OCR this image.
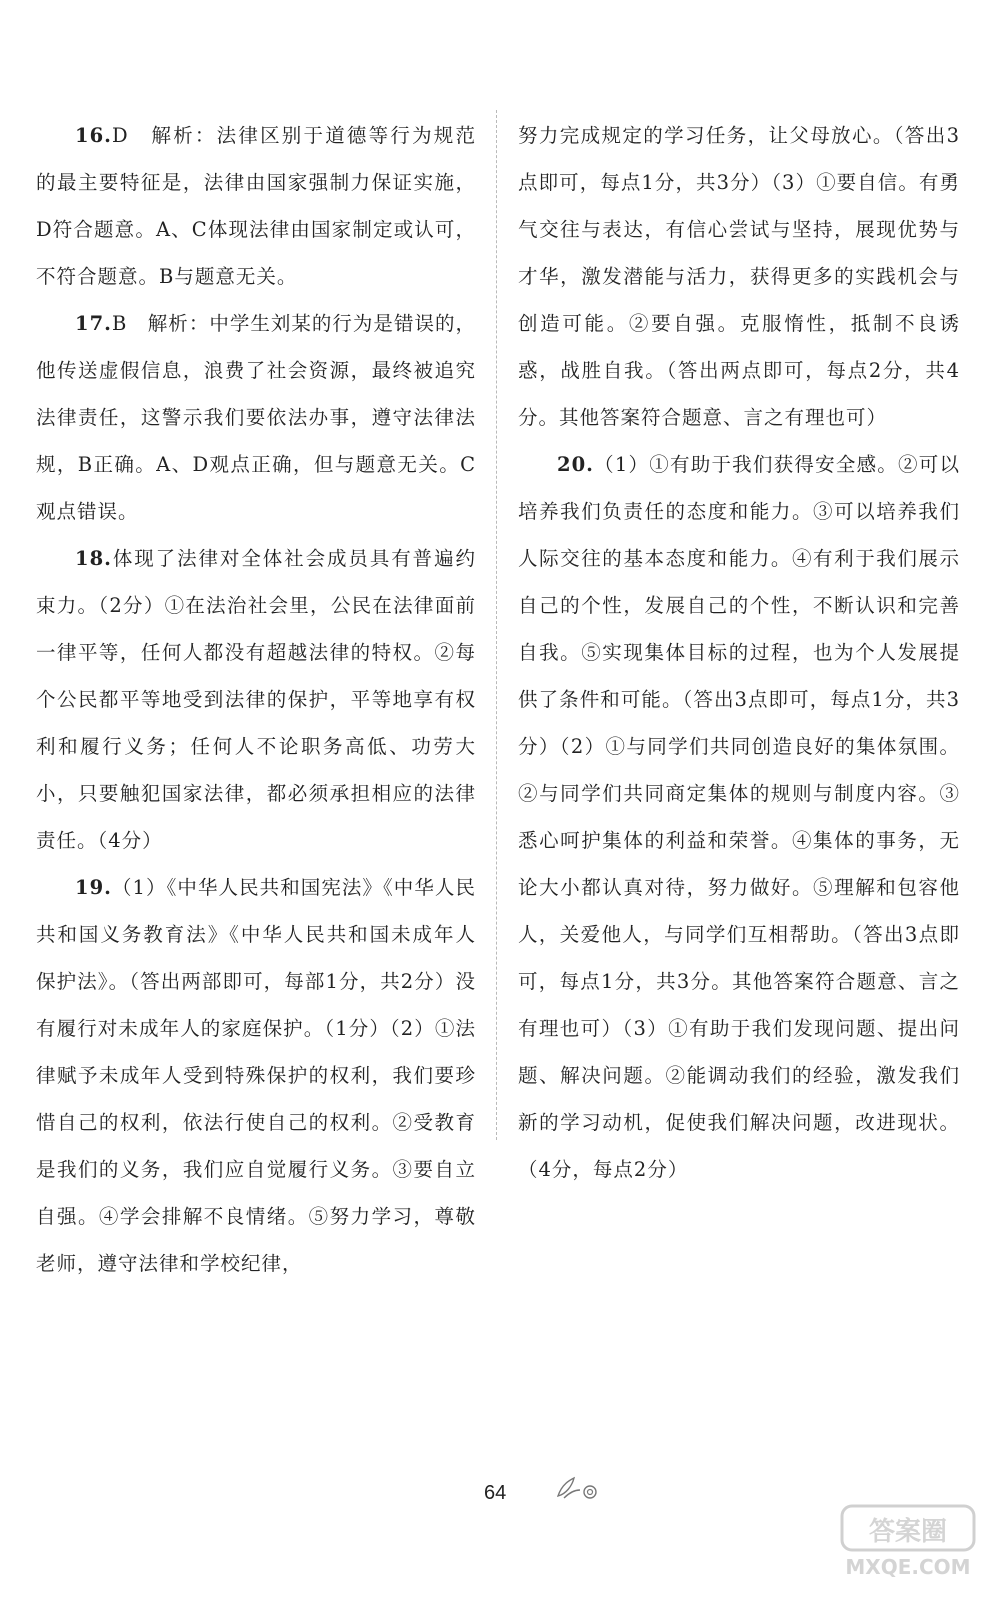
16.D　解析：法律区别于道德等行为规范的最主要特征是，法律由国家强制力保证实施，D符合题意。A、C体现法律由国家制定或认可，不符合题意。B与题意无关。

17.B　解析：中学生刘某的行为是错误的，他传送虚假信息，浪费了社会资源，最终被追究法律责任，这警示我们要依法办事，遵守法律法规，B正确。A、D观点正确，但与题意无关。C观点错误。

18.体现了法律对全体社会成员具有普遍约束力。（2分）①在法治社会里，公民在法律面前一律平等，任何人都没有超越法律的特权。②每个公民都平等地受到法律的保护，平等地享有权利和履行义务；任何人不论职务高低、功劳大小，只要触犯国家法律，都必须承担相应的法律责任。（4分）

19.（1）《中华人民共和国宪法》《中华人民共和国义务教育法》《中华人民共和国未成年人保护法》。（答出两部即可，每部1分，共2分）没有履行对未成年人的家庭保护。（1分）（2）①法律赋予未成年人受到特殊保护的权利，我们要珍惜自己的权利，依法行使自己的权利。②受教育是我们的义务，我们应自觉履行义务。③要自立自强。④学会排解不良情绪。⑤努力学习，尊敬老师，遵守法律和学校纪律，

努力完成规定的学习任务，让父母放心。（答出3点即可，每点1分，共3分）（3）①要自信。有勇气交往与表达，有信心尝试与坚持，展现优势与才华，激发潜能与活力，获得更多的实践机会与创造可能。②要自强。克服惰性，抵制不良诱惑，战胜自我。（答出两点即可，每点2分，共4分。其他答案符合题意、言之有理也可）

20.（1）①有助于我们获得安全感。②可以培养我们负责任的态度和能力。③可以培养我们人际交往的基本态度和能力。④有利于我们展示自己的个性，发展自己的个性，不断认识和完善自我。⑤实现集体目标的过程，也为个人发展提供了条件和可能。（答出3点即可，每点1分，共3分）（2）①与同学们共同创造良好的集体氛围。②与同学们共同商定集体的规则与制度内容。③悉心呵护集体的利益和荣誉。④集体的事务，无论大小都认真对待，努力做好。⑤理解和包容他人，关爱他人，与同学们互相帮助。（答出3点即可，每点1分，共3分。其他答案符合题意、言之有理也可）（3）①有助于我们发现问题、提出问题、解决问题。②能调动我们的经验，激发我们新的学习动机，促使我们解决问题，改进现状。（4分，每点2分）

64
答案圈
MXQE.COM
